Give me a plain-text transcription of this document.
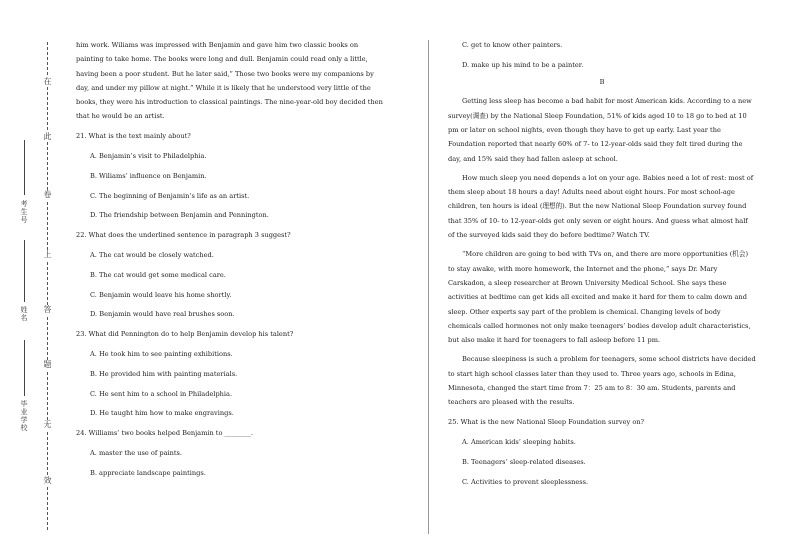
在
此
卷
上
答
题
无
效
考生号
姓名
毕业学校

him work. Wiliams was impressed with Benjamin and gave him two classic books on painting to take home. The books were long and dull. Benjamin could read only a little, having been a poor student. But he later said,” Those two books were my companions by day, and under my pillow at night.” While it is likely that he understood very little of the books, they were his introduction to classical paintings. The nine-year-old boy decided then that he would be an artist.

21. What is the text mainly about?

A. Benjamin’s visit to Philadelphia.

B. Wiliams’ influence on Benjamin.

C. The beginning of Benjamin’s life as an artist.

D. The friendship between Benjamin and Pennington.

22. What does the underlined sentence in paragraph 3 suggest?

A. The cat would be closely watched.

B. The cat would get some medical care.

C. Benjamin would leave his home shortly.

D. Benjamin would have real brushes soon.

23. What did Pennington do to help Benjamin develop his talent?

A. He took him to see painting exhibitions.

B. He provided him with painting materials.

C. He sent him to a school in Philadelphia.

D. He taught him how to make engravings.

24. Williams’ two books helped Benjamin to ________.

A. master the use of paints.

B. appreciate landscape paintings.

C. get to know other painters.

D. make up his mind to be a painter.

B

Getting less sleep has become a bad habit for most American kids. According to a new survey(调查) by the National Sleep Foundation, 51% of kids aged 10 to 18 go to bed at 10 pm or later on school nights, even though they have to get up early. Last year the Foundation reported that nearly 60% of 7- to 12-year-olds said they felt tired during the day, and 15% said they had fallen asleep at school.

How much sleep you need depends a lot on your age. Babies need a lot of rest: most of them sleep about 18 hours a day! Adults need about eight hours. For most school-age children, ten hours is ideal (理想的). But the new National Sleep Foundation survey found that 35% of 10- to 12-year-olds get only seven or eight hours. And guess what almost half of the surveyed kids said they do before bedtime? Watch TV.

“More children are going to bed with TVs on, and there are more opportunities (机会) to stay awake, with more homework, the Internet and the phone,” says Dr. Mary Carskadon, a sleep researcher at Brown University Medical School. She says these activities at bedtime can get kids all excited and make it hard for them to calm down and sleep. Other experts say part of the problem is chemical. Changing levels of body chemicals called hormones not only make teenagers’ bodies develop adult characteristics, but also make it hard for teenagers to fall asleep before 11 pm.

Because sleepiness is such a problem for teenagers, some school districts have decided to start high school classes later than they used to. Three years ago, schools in Edina, Minnesota, changed the start time from 7：25 am to 8：30 am. Students, parents and teachers are pleased with the results.

25. What is the new National Sleep Foundation survey on?

A. American kids’ sleeping habits.

B. Teenagers’ sleep-related diseases.

C. Activities to prevent sleeplessness.
